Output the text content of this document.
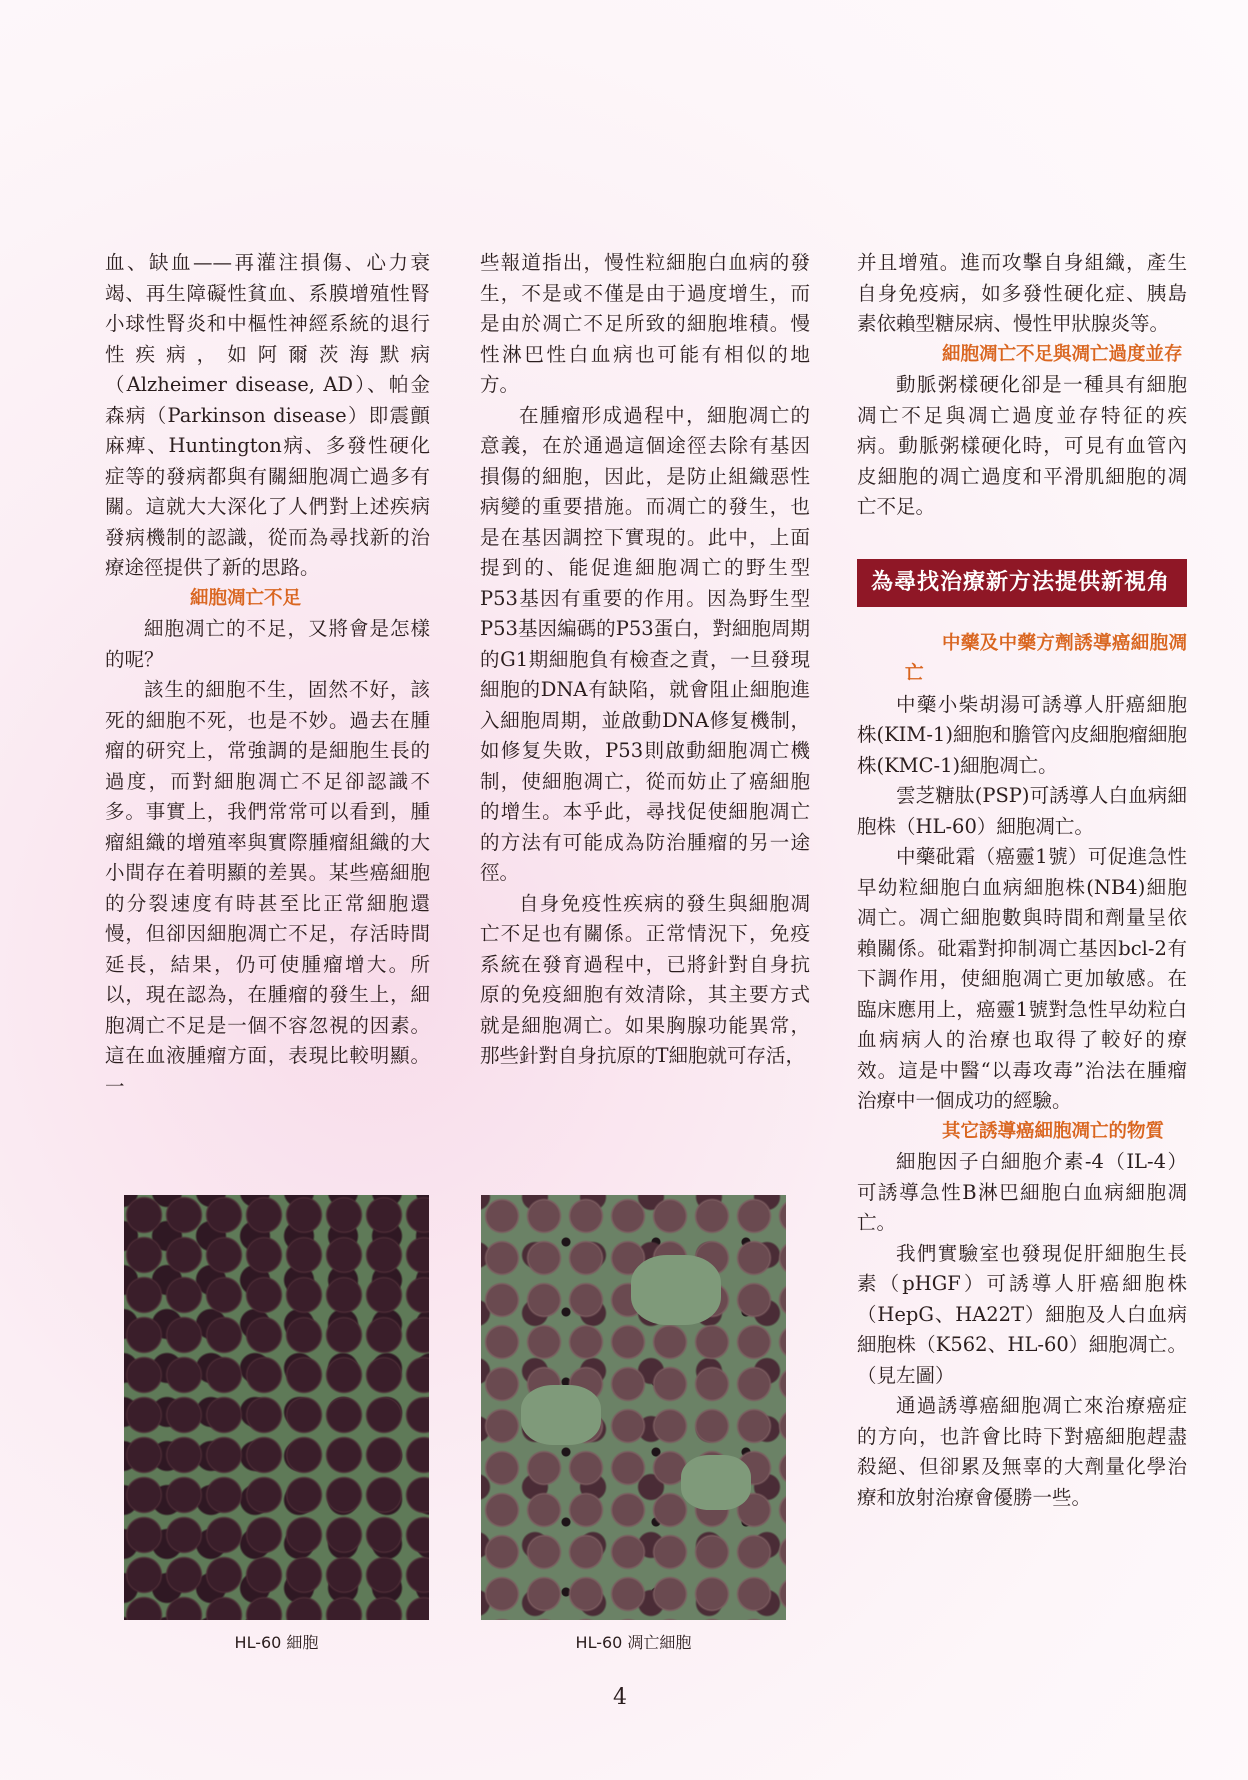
血、缺血——再灌注損傷、心力衰竭、再生障礙性貧血、系膜增殖性腎小球性腎炎和中樞性神經系統的退行性疾病，如阿爾茨海默病（Alzheimer disease, AD）、帕金森病（Parkinson disease）即震顫麻痺、Huntington病、多發性硬化症等的發病都與有關細胞凋亡過多有關。這就大大深化了人們對上述疾病發病機制的認識，從而為尋找新的治療途徑提供了新的思路。

細胞凋亡不足

細胞凋亡的不足，又將會是怎樣的呢？

該生的細胞不生，固然不好，該死的細胞不死，也是不妙。過去在腫瘤的研究上，常強調的是細胞生長的過度，而對細胞凋亡不足卻認識不多。事實上，我們常常可以看到，腫瘤組織的增殖率與實際腫瘤組織的大小間存在着明顯的差異。某些癌細胞的分裂速度有時甚至比正常細胞還慢，但卻因細胞凋亡不足，存活時間延長，結果，仍可使腫瘤增大。所以，現在認為，在腫瘤的發生上，細胞凋亡不足是一個不容忽視的因素。這在血液腫瘤方面，表現比較明顯。一

些報道指出，慢性粒細胞白血病的發生，不是或不僅是由于過度增生，而是由於凋亡不足所致的細胞堆積。慢性淋巴性白血病也可能有相似的地方。

在腫瘤形成過程中，細胞凋亡的意義，在於通過這個途徑去除有基因損傷的細胞，因此，是防止組織惡性病變的重要措施。而凋亡的發生，也是在基因調控下實現的。此中，上面提到的、能促進細胞凋亡的野生型P53基因有重要的作用。因為野生型P53基因編碼的P53蛋白，對細胞周期的G1期細胞負有檢查之責，一旦發現細胞的DNA有缺陷，就會阻止細胞進入細胞周期，並啟動DNA修复機制，如修复失敗，P53則啟動細胞凋亡機制，使細胞凋亡，從而妨止了癌細胞的增生。本乎此，尋找促使細胞凋亡的方法有可能成為防治腫瘤的另一途徑。

自身免疫性疾病的發生與細胞凋亡不足也有關係。正常情況下，免疫系統在發育過程中，已將針對自身抗原的免疫細胞有效清除，其主要方式就是細胞凋亡。如果胸腺功能異常，那些針對自身抗原的T細胞就可存活，

并且增殖。進而攻擊自身組織，產生自身免疫病，如多發性硬化症、胰島素依賴型糖尿病、慢性甲狀腺炎等。

細胞凋亡不足與凋亡過度並存

動脈粥樣硬化卻是一種具有細胞凋亡不足與凋亡過度並存特征的疾病。動脈粥樣硬化時，可見有血管內皮細胞的凋亡過度和平滑肌細胞的凋亡不足。

為尋找治療新方法提供新視角

中藥及中藥方劑誘導癌細胞凋亡

中藥小柴胡湯可誘導人肝癌細胞株(KIM-1)細胞和膽管內皮細胞瘤細胞株(KMC-1)細胞凋亡。

雲芝糖肽(PSP)可誘導人白血病細胞株（HL-60）細胞凋亡。

中藥砒霜（癌靈1號）可促進急性早幼粒細胞白血病細胞株(NB4)細胞凋亡。凋亡細胞數與時間和劑量呈依賴關係。砒霜對抑制凋亡基因bcl-2有下調作用，使細胞凋亡更加敏感。在臨床應用上，癌靈1號對急性早幼粒白血病病人的治療也取得了較好的療效。這是中醫“以毒攻毒”治法在腫瘤治療中一個成功的經驗。

其它誘導癌細胞凋亡的物質

細胞因子白細胞介素-4（IL-4）可誘導急性B淋巴細胞白血病細胞凋亡。

我們實驗室也發現促肝細胞生長素（pHGF）可誘導人肝癌細胞株（HepG、HA22T）細胞及人白血病細胞株（K562、HL-60）細胞凋亡。（見左圖）

通過誘導癌細胞凋亡來治療癌症的方向，也許會比時下對癌細胞趕盡殺絕、但卻累及無辜的大劑量化學治療和放射治療會優勝一些。

HL-60 細胞	HL-60 凋亡細胞
4
